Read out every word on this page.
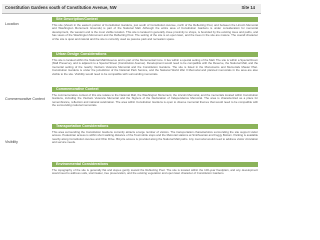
Constitution Gardens south of Constitution Avenue, NW	Site 14
Location
Commemorative Context
Visibility
Site Description/Context

This site (shown in the eastern portion of Constitution Gardens, just south of Constitution Avenue, north of the Reflecting Pool, and between the Lincoln Memorial and Washington Monument Grounds) is part of the National Mall. Although the entire area of Constitution Gardens is under consideration for memorial development, the western end is the most visible location. This site is located in generally close proximity to shops, is bounded by the existing trees and paths, and has views of the Washington Monument and the Reflecting Pool. The setting of the site is an open lawn, and the trees in the site are mature. The overall character of the site is quiet and natural and the site is currently used as passive park and recreation space.

Urban Design Considerations

This site is located within the National Mall Reserve and is part of the Monumental Core. It lies within a special setting of the Mall. The site is within a Special Room (Mall Preserve), and is adjacent to a Special Street (Constitution Avenue). Development would need to be compatible with the Reserve, the National Mall, and the memorial setting of the nearby Vietnam Veterans Memorial and the Constitution Gardens. The site is listed in the Monuments and Memorials Master Plan. Constitution Gardens is under the jurisdiction of the National Park Service, and the National World War II Memorial and planned memorials in the area are also visible to the site. Visibility would need to be compatible with surrounding memorials.

Commemorative Context

The commemorative context of this site relates to the National Mall, the Washington Monument, the Lincoln Memorial, and the memorials located within Constitution Gardens, including the Vietnam Veterans Memorial and the Signers of the Declaration of Independence Memorial. The area is characterized as a place for remembrance, reflection and national celebration. The area within Constitution Gardens is open to diverse memorial themes that would need to be compatible with the surrounding national memorials.

Transportation Considerations

This area surrounding the Constitution Gardens currently attracts a large number of visitors. The transportation characteristics surrounding the site support visitor access. Pedestrian access is within short walking distance of the Tourmobile stops and the Metrorail stations at Smithsonian and Foggy Bottom. Parking is available nearby along Constitution Avenue and Ohio Drive. Bicycle access is provided along the National Mall paths. Any memorial would need to address visitor circulation and service needs.

Environmental Considerations

The topography of the site is generally flat and slopes gently toward the Reflecting Pool. The site is located within the 100-year floodplain, and any development would need to address soils, stormwater, tree preservation, and the existing vegetation and open lawn character of Constitution Gardens.
